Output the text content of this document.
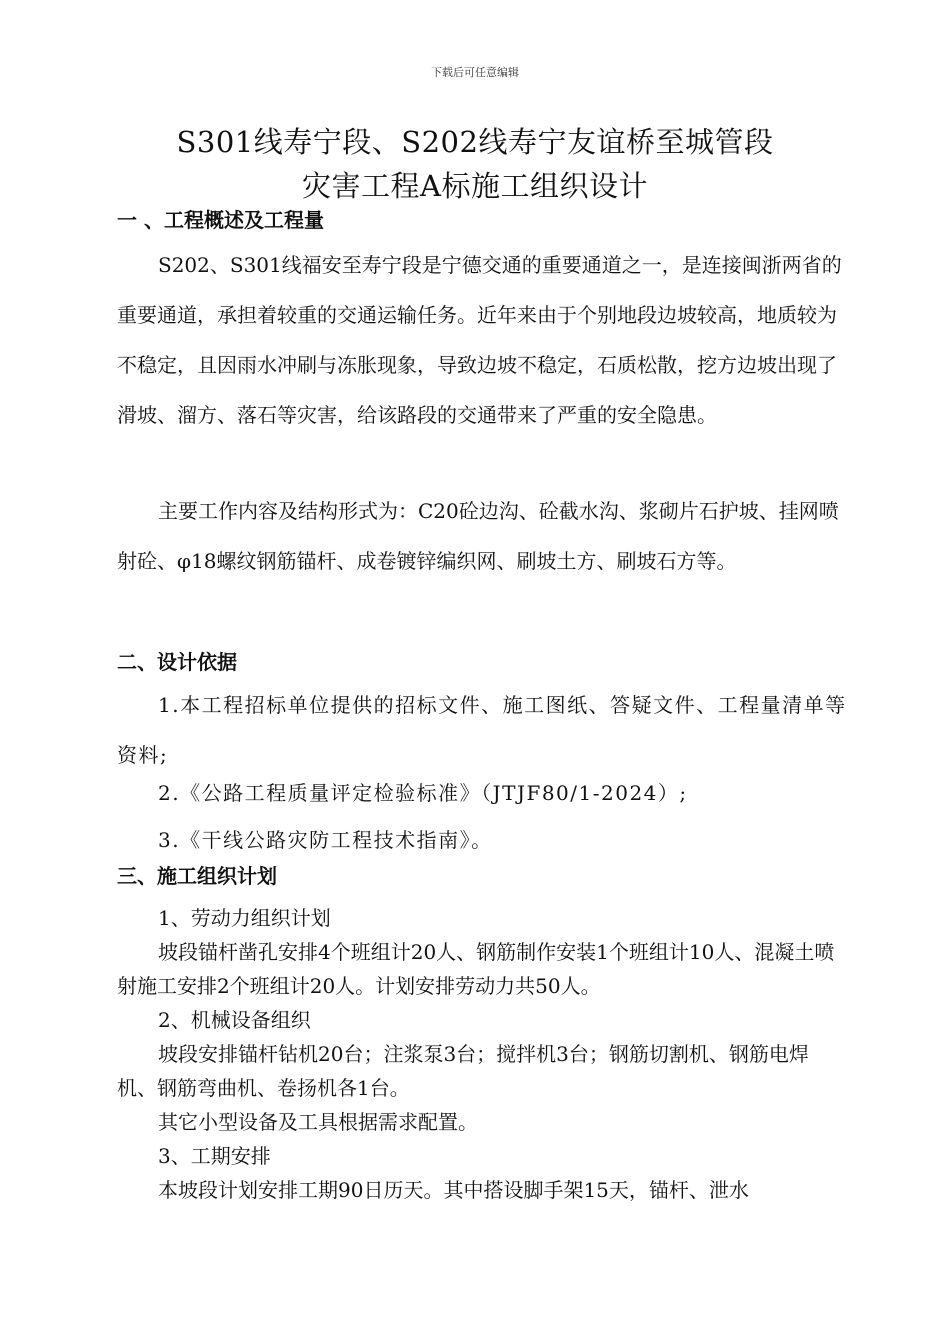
下载后可任意编辑
S301线寿宁段、S202线寿宁友谊桥至城管段
灾害工程A标施工组织设计
一 、工程概述及工程量
S202、S301线福安至寿宁段是宁德交通的重要通道之一，是连接闽浙两省的重要通道，承担着较重的交通运输任务。近年来由于个别地段边坡较高，地质较为不稳定，且因雨水冲刷与冻胀现象，导致边坡不稳定，石质松散，挖方边坡出现了滑坡、溜方、落石等灾害，给该路段的交通带来了严重的安全隐患。
主要工作内容及结构形式为：C20砼边沟、砼截水沟、浆砌片石护坡、挂网喷射砼、φ18螺纹钢筋锚杆、成卷镀锌编织网、刷坡土方、刷坡石方等。
二、设计依据
1.本工程招标单位提供的招标文件、施工图纸、答疑文件、工程量清单等资料;
2.《公路工程质量评定检验标准》（JTJF80/1-2024）;
3.《干线公路灾防工程技术指南》。
三、施工组织计划
1、劳动力组织计划
坡段锚杆凿孔安排4个班组计20人、钢筋制作安装1个班组计10人、混凝土喷射施工安排2个班组计20人。计划安排劳动力共50人。
2、机械设备组织
坡段安排锚杆钻机20台；注浆泵3台；搅拌机3台；钢筋切割机、钢筋电焊机、钢筋弯曲机、卷扬机各1台。
其它小型设备及工具根据需求配置。
3、工期安排
本坡段计划安排工期90日历天。其中搭设脚手架15天，锚杆、泄水
